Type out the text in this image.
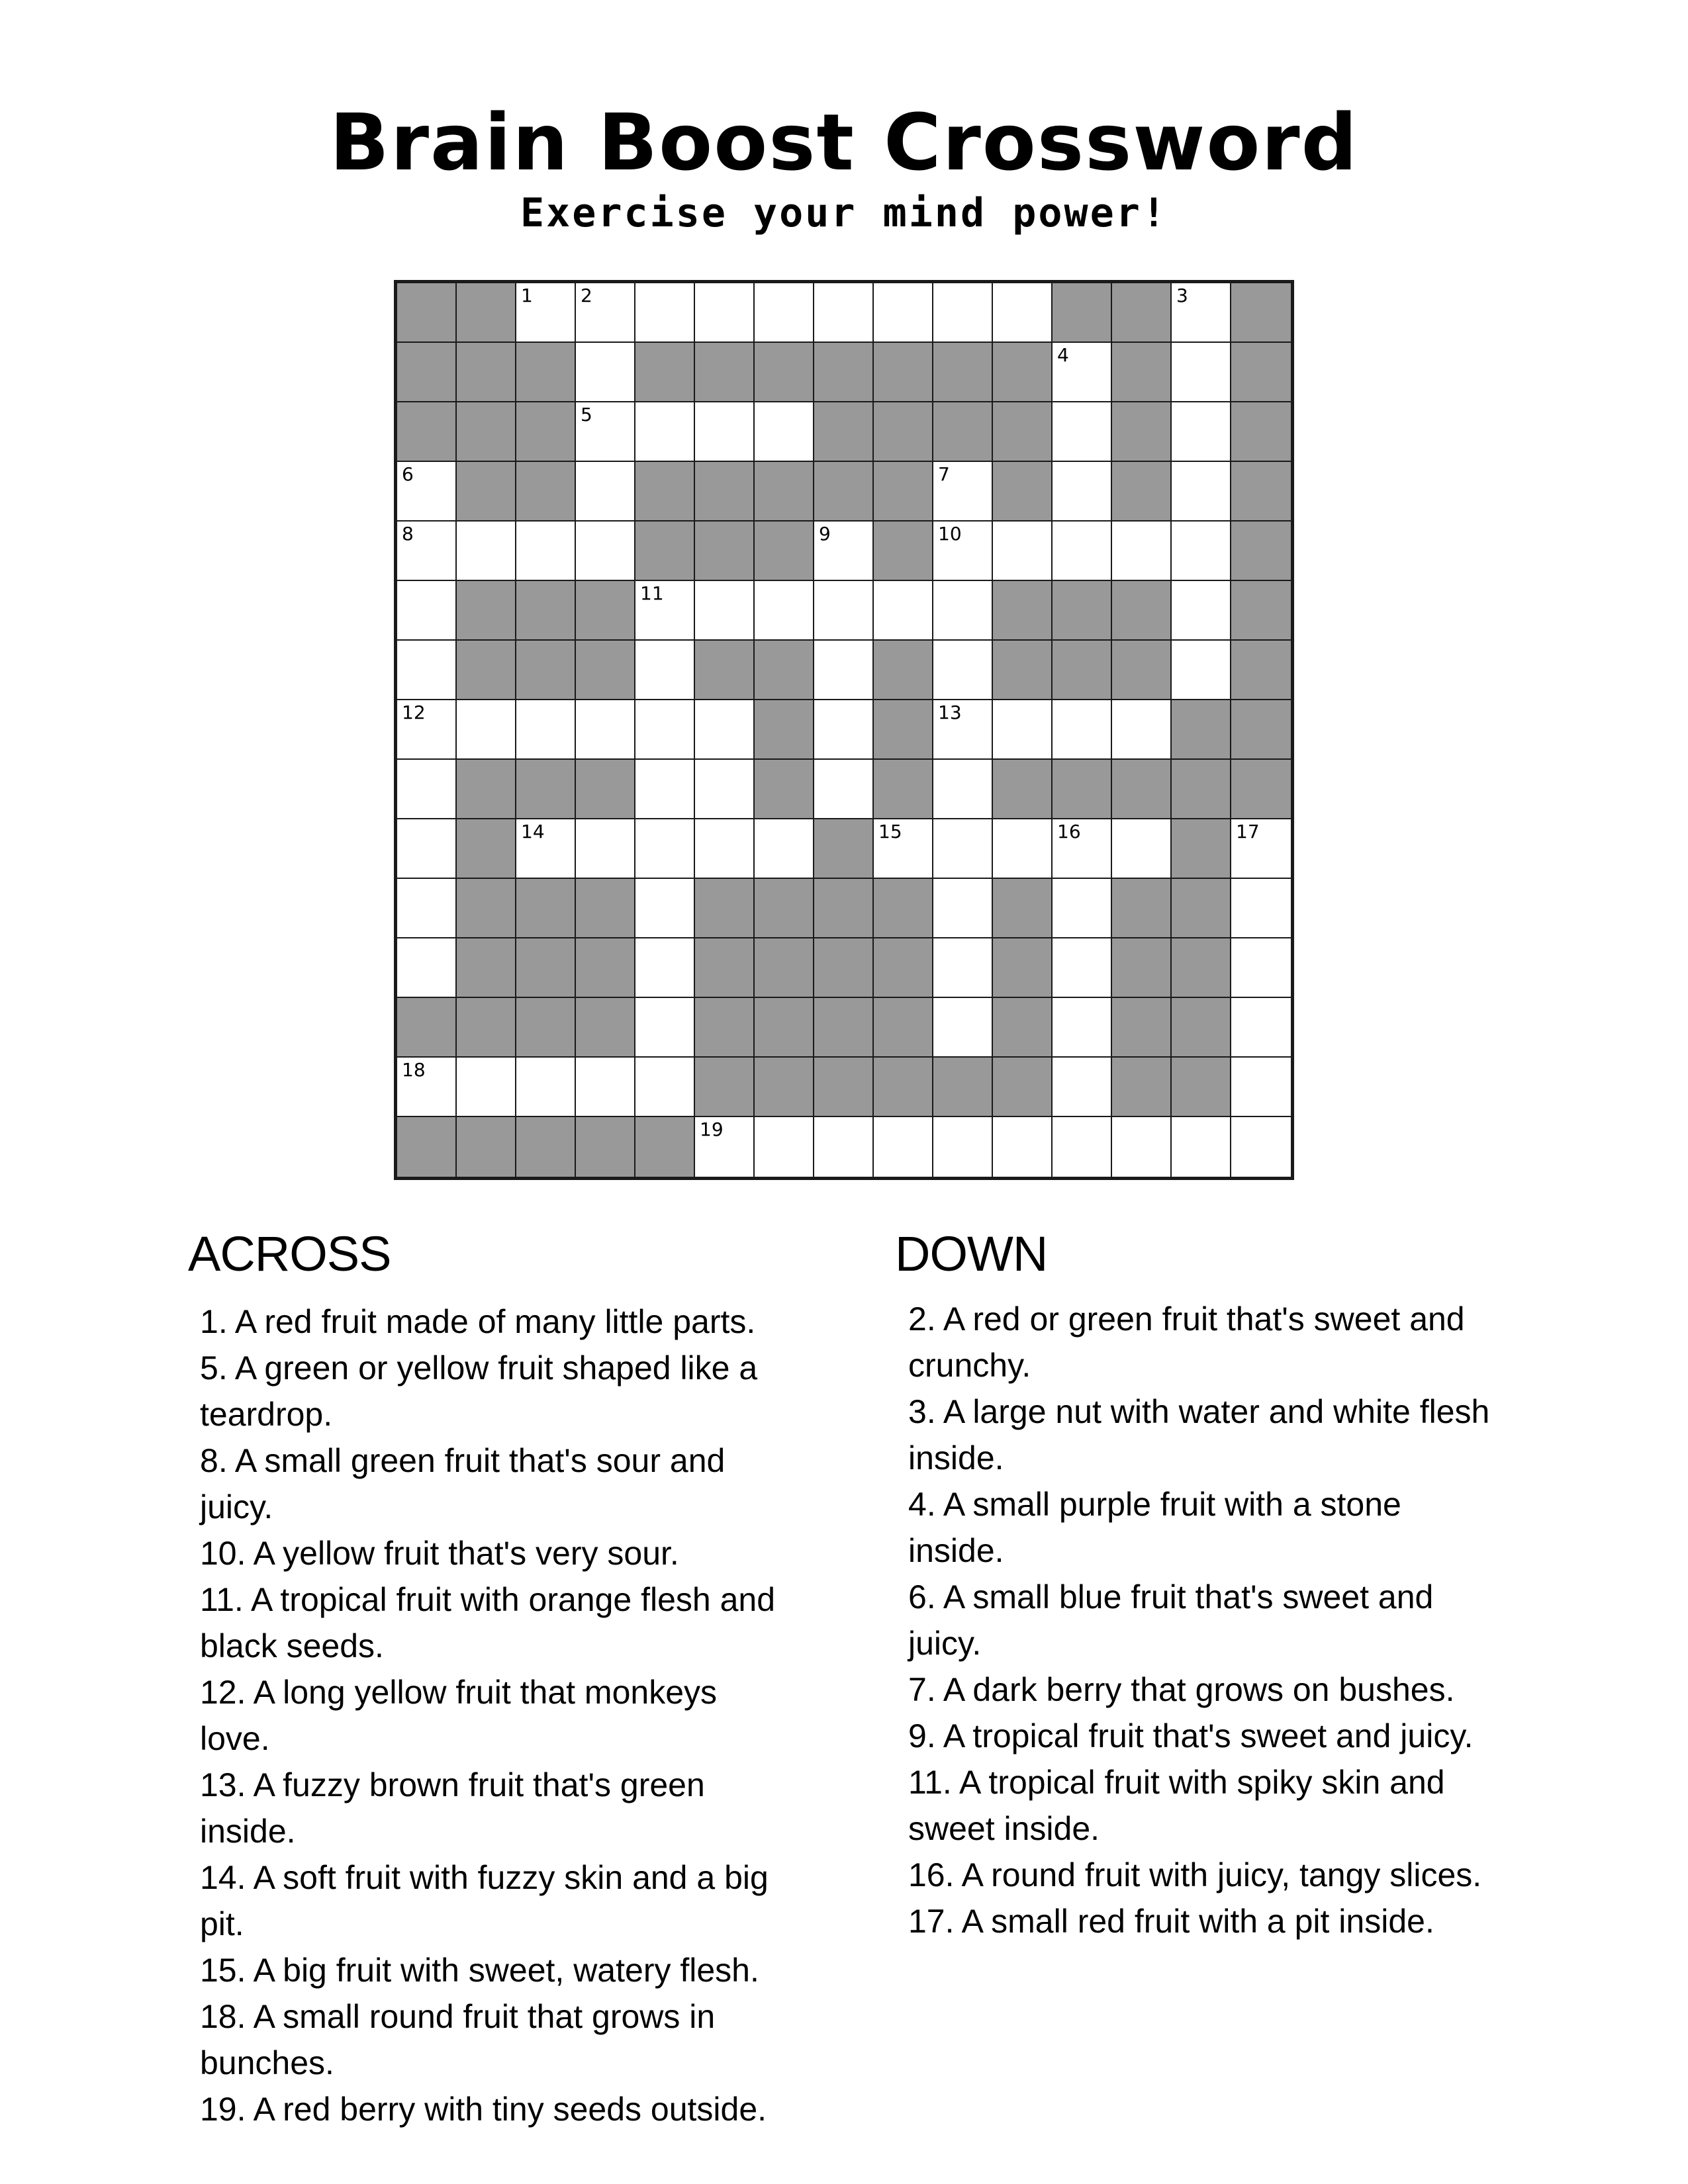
Brain Boost Crossword
Exercise your mind power!
1	2	3
4
5
6	7
8	9	10
11
12	13
14	15	16	17
18
19
ACROSS
1 . A red fruit made of many little parts.
5 . A green or yellow fruit shaped like a teardrop.
8 . A small green fruit that's sour and juicy.
10 . A yellow fruit that's very sour.
11 . A tropical fruit with orange flesh and black seeds.
12 . A long yellow fruit that monkeys love.
13 . A fuzzy brown fruit that's green inside.
14 . A soft fruit with fuzzy skin and a big pit.
15 . A big fruit with sweet, watery flesh.
18 . A small round fruit that grows in bunches.
19 . A red berry with tiny seeds outside.
DOWN
2 . A red or green fruit that's sweet and crunchy.
3 . A large nut with water and white flesh inside.
4 . A small purple fruit with a stone inside.
6 . A small blue fruit that's sweet and juicy.
7 . A dark berry that grows on bushes.
9 . A tropical fruit that's sweet and juicy.
11 . A tropical fruit with spiky skin and sweet inside.
16 . A round fruit with juicy, tangy slices.
17 . A small red fruit with a pit inside.
